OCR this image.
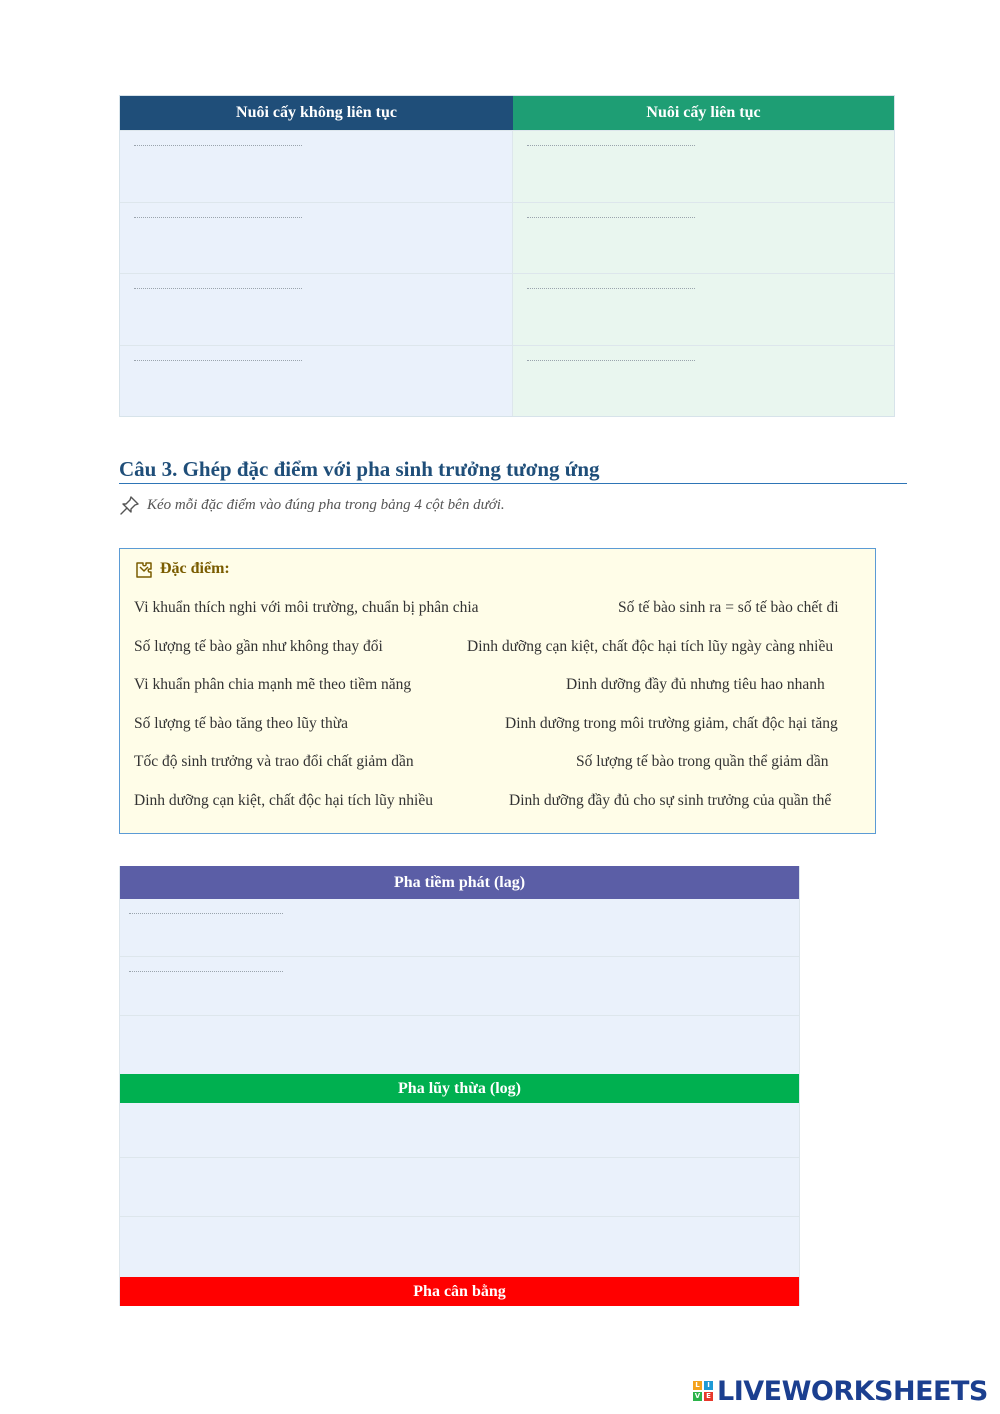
Nuôi cấy không liên tục	Nuôi cấy liên tục
Câu 3. Ghép đặc điểm với pha sinh trưởng tương ứng
Kéo mỗi đặc điểm vào đúng pha trong bảng 4 cột bên dưới.
Đặc điểm:
Vi khuẩn thích nghi với môi trường, chuẩn bị phân chia
Số lượng tế bào gần như không thay đổi
Vi khuẩn phân chia mạnh mẽ theo tiềm năng
Số lượng tế bào tăng theo lũy thừa
Tốc độ sinh trưởng và trao đổi chất giảm dần
Dinh dưỡng cạn kiệt, chất độc hại tích lũy nhiều
Số tế bào sinh ra = số tế bào chết đi
Dinh dưỡng cạn kiệt, chất độc hại tích lũy ngày càng nhiều
Dinh dưỡng đầy đủ nhưng tiêu hao nhanh
Dinh dưỡng trong môi trường giảm, chất độc hại tăng
Số lượng tế bào trong quần thể giảm dần
Dinh dưỡng đầy đủ cho sự sinh trưởng của quần thể
Pha tiềm phát (lag)
Pha lũy thừa (log)
Pha cân bằng
L	I
V E LIVEWORKSHEETS
